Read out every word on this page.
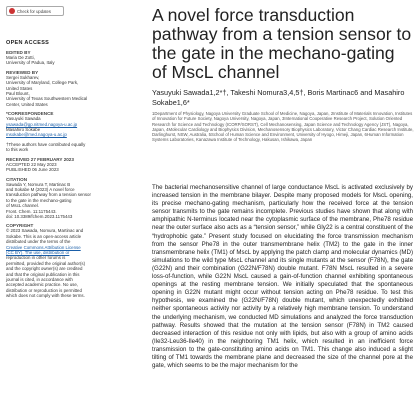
Check for updates
OPEN ACCESS
EDITED BY
Maria De Zotti,
University of Padua, Italy
REVIEWED BY
Sergei Sukharev,
University of Maryland, College Park,
United States
Paul Blount,
University of Texas Southwestern Medical
Center, United States
*CORRESPONDENCE
Yasuyuki Sawada
ysawada@gp.nitmed.nagoya-u.ac.jp
Masahiro Sokabe
msokabe@med.nagoya-u.ac.jp
†These authors have contributed equally
to this work
RECEIVED 27 FEBRUARY 2023
ACCEPTED 22 May 2023
PUBLISHED 06 June 2023
CITATION
Sawada Y, Nomura T, Martinac B
and Sokabe M (2023) A novel force
transduction pathway from a tension sensor
to the gate in the mechano-gating
of MscL channel.
Front. Chem. 11:1175443.
doi: 10.3389/fchem.2023.1175443
COPYRIGHT
© 2023 Sawada, Nomura, Martinac and
Sokabe. This is an open-access article
distributed under the terms of the
Creative Commons Attribution License
(CC BY). The use, distribution or
reproduction in other forums is
permitted, provided the original author(s)
and the copyright owner(s) are credited
and that the original publication in this
journal is cited, in accordance with
accepted academic practice. No use,
distribution or reproduction is permitted
which does not comply with these terms.
A novel force transduction pathway from a tension sensor to the gate in the mechano-gating of MscL channel
Yasuyuki Sawada1,2*†, Takeshi Nomura3,4,5†, Boris Martinac6 and Masahiro Sokabe1,6*
1Department of Physiology, Nagoya University Graduate School of Medicine, Nagoya, Japan, 2Institute of Materials Innovation, Institutes of Innovation for Future Society, Nagoya University, Nagoya, Japan, 3International Cooperative Research Project, Solution Oriented Research for Science and Technology (ICORP/SORST), Cell Mechanosensing, Japan Science and Technology Agency (JST), Nagoya, Japan, 4Molecular Cardiology and Biophysics Division, Mechanosensory Biophysics Laboratory, Victor Chang Cardiac Research Institute, Darlinghurst, NSW, Australia, 5School of Human Science and Environment, University of Hyogo, Himeji, Japan, 6Human Information Systems Laboratories, Kanazawa Institute of Technology, Hakusan, Ishikawa, Japan

The bacterial mechanosensitive channel of large conductance MscL is activated exclusively by increased tension in the membrane bilayer. Despite many proposed models for MscL opening, its precise mechano-gating mechanism, particularly how the received force at the tension sensor transmits to the gate remains incomplete. Previous studies have shown that along with amphipathic N-terminus located near the cytoplasmic surface of the membrane, Phe78 residue near the outer surface also acts as a “tension sensor,” while Gly22 is a central constituent of the “hydrophobic gate.” Present study focused on elucidating the force transmission mechanism from the sensor Phe78 in the outer transmembrane helix (TM2) to the gate in the inner transmembrane helix (TM1) of MscL by applying the patch clamp and molecular dynamics (MD) simulations to the wild type MscL channel and its single mutants at the sensor (F78N), the gate (G22N) and their combination (G22N/F78N) double mutant. F78N MscL resulted in a severe loss-of-function, while G22N MscL caused a gain-of-function channel exhibiting spontaneous openings at the resting membrane tension. We initially speculated that the spontaneous opening in G22N mutant might occur without tension acting on Phe78 residue. To test this hypothesis, we examined the (G22N/F78N) double mutant, which unexpectedly exhibited neither spontaneous activity nor activity by a relatively high membrane tension. To understand the underlying mechanism, we conducted MD simulations and analyzed the force transduction pathway. Results showed that the mutation at the tension sensor (F78N) in TM2 caused decreased interaction of this residue not only with lipids, but also with a group of amino acids (Ile32-Leu36-Ile40) in the neighboring TM1 helix, which resulted in an inefficient force transmission to the gate-constituting amino acids on TM1. This change also induced a slight tilting of TM1 towards the membrane plane and decreased the size of the channel pore at the gate, which seems to be the major mechanism for the
